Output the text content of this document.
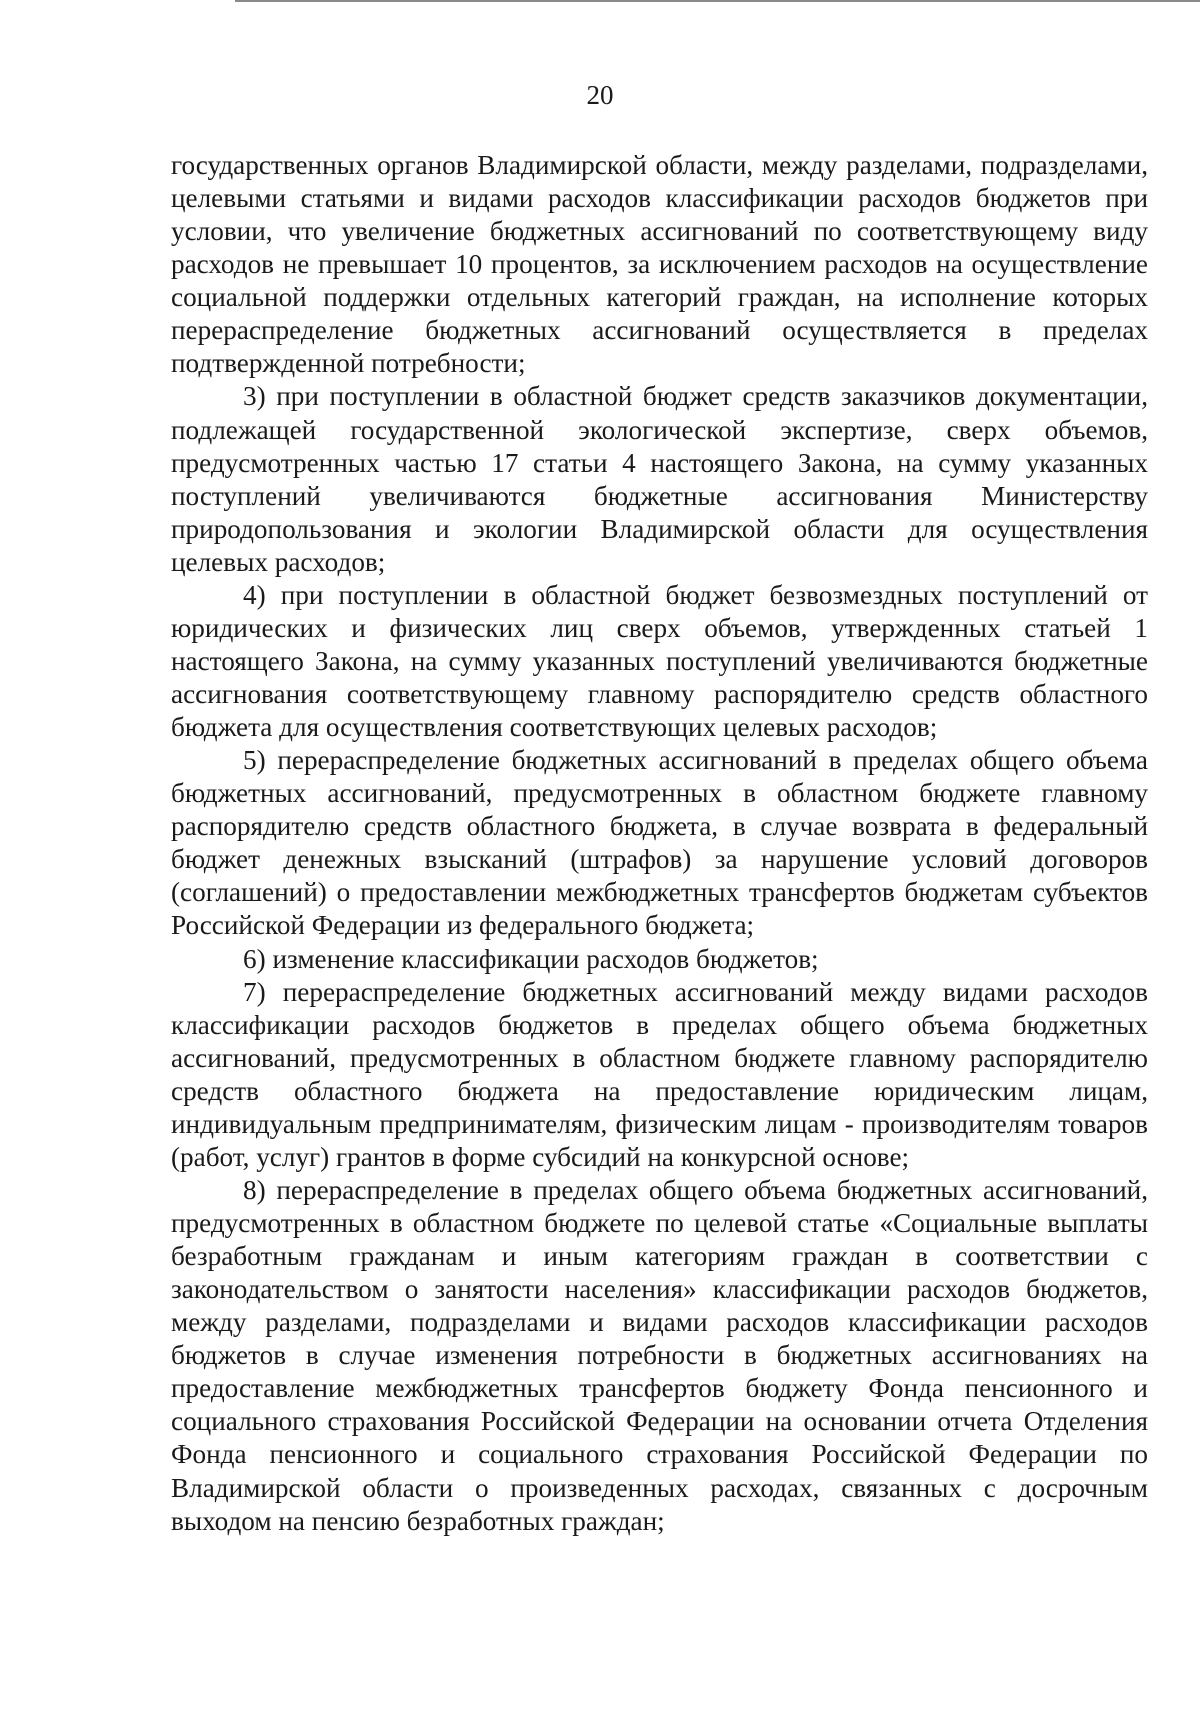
20

государственных органов Владимирской области, между разделами, подразделами, целевыми статьями и видами расходов классификации расходов бюджетов при условии, что увеличение бюджетных ассигнований по соответствующему виду расходов не превышает 10 процентов, за исключением расходов на осуществление социальной поддержки отдельных категорий граждан, на исполнение которых перераспределение бюджетных ассигнований осуществляется в пределах подтвержденной потребности;

3) при поступлении в областной бюджет средств заказчиков документации, подлежащей государственной экологической экспертизе, сверх объемов, предусмотренных частью 17 статьи 4 настоящего Закона, на сумму указанных поступлений увеличиваются бюджетные ассигнования Министерству природопользования и экологии Владимирской области для осуществления целевых расходов;

4) при поступлении в областной бюджет безвозмездных поступлений от юридических и физических лиц сверх объемов, утвержденных статьей 1 настоящего Закона, на сумму указанных поступлений увеличиваются бюджетные ассигнования соответствующему главному распорядителю средств областного бюджета для осуществления соответствующих целевых расходов;

5) перераспределение бюджетных ассигнований в пределах общего объема бюджетных ассигнований, предусмотренных в областном бюджете главному распорядителю средств областного бюджета, в случае возврата в федеральный бюджет денежных взысканий (штрафов) за нарушение условий договоров (соглашений) о предоставлении межбюджетных трансфертов бюджетам субъектов Российской Федерации из федерального бюджета;

6) изменение классификации расходов бюджетов;

7) перераспределение бюджетных ассигнований между видами расходов классификации расходов бюджетов в пределах общего объема бюджетных ассигнований, предусмотренных в областном бюджете главному распорядителю средств областного бюджета на предоставление юридическим лицам, индивидуальным предпринимателям, физическим лицам - производителям товаров (работ, услуг) грантов в форме субсидий на конкурсной основе;

8) перераспределение в пределах общего объема бюджетных ассигнований, предусмотренных в областном бюджете по целевой статье «Социальные выплаты безработным гражданам и иным категориям граждан в соответствии с законодательством о занятости населения» классификации расходов бюджетов, между разделами, подразделами и видами расходов классификации расходов бюджетов в случае изменения потребности в бюджетных ассигнованиях на предоставление межбюджетных трансфертов бюджету Фонда пенсионного и социального страхования Российской Федерации на основании отчета Отделения Фонда пенсионного и социального страхования Российской Федерации по Владимирской области о произведенных расходах, связанных с досрочным выходом на пенсию безработных граждан;
